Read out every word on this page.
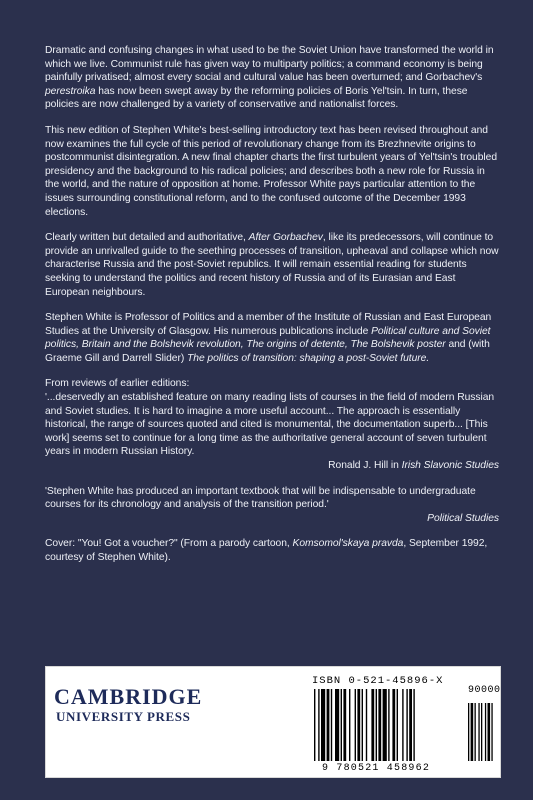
Dramatic and confusing changes in what used to be the Soviet Union have transformed the world in which we live. Communist rule has given way to multiparty politics; a command economy is being painfully privatised; almost every social and cultural value has been overturned; and Gorbachev's perestroika has now been swept away by the reforming policies of Boris Yel'tsin. In turn, these policies are now challenged by a variety of conservative and nationalist forces.

This new edition of Stephen White's best-selling introductory text has been revised throughout and now examines the full cycle of this period of revolutionary change from its Brezhnevite origins to postcommunist disintegration. A new final chapter charts the first turbulent years of Yel'tsin's troubled presidency and the background to his radical policies; and describes both a new role for Russia in the world, and the nature of opposition at home. Professor White pays particular attention to the issues surrounding constitutional reform, and to the confused outcome of the December 1993 elections.

Clearly written but detailed and authoritative, After Gorbachev, like its predecessors, will continue to provide an unrivalled guide to the seething processes of transition, upheaval and collapse which now characterise Russia and the post-Soviet republics. It will remain essential reading for students seeking to understand the politics and recent history of Russia and of its Eurasian and East European neighbours.

Stephen White is Professor of Politics and a member of the Institute of Russian and East European Studies at the University of Glasgow. His numerous publications include Political culture and Soviet politics, Britain and the Bolshevik revolution, The origins of detente, The Bolshevik poster and (with Graeme Gill and Darrell Slider) The politics of transition: shaping a post-Soviet future.

From reviews of earlier editions:
'...deservedly an established feature on many reading lists of courses in the field of modern Russian and Soviet studies. It is hard to imagine a more useful account... The approach is essentially historical, the range of sources quoted and cited is monumental, the documentation superb... [This work] seems set to continue for a long time as the authoritative general account of seven turbulent years in modern Russian History.
Ronald J. Hill in Irish Slavonic Studies
'Stephen White has produced an important textbook that will be indispensable to undergraduate courses for its chronology and analysis of the transition period.'
Political Studies

Cover: "You! Got a voucher?" (From a parody cartoon, Komsomol'skaya pravda, September 1992, courtesy of Stephen White).

CAMBRIDGE
UNIVERSITY PRESS
ISBN 0-521-45896-X
90000
9 780521 458962
